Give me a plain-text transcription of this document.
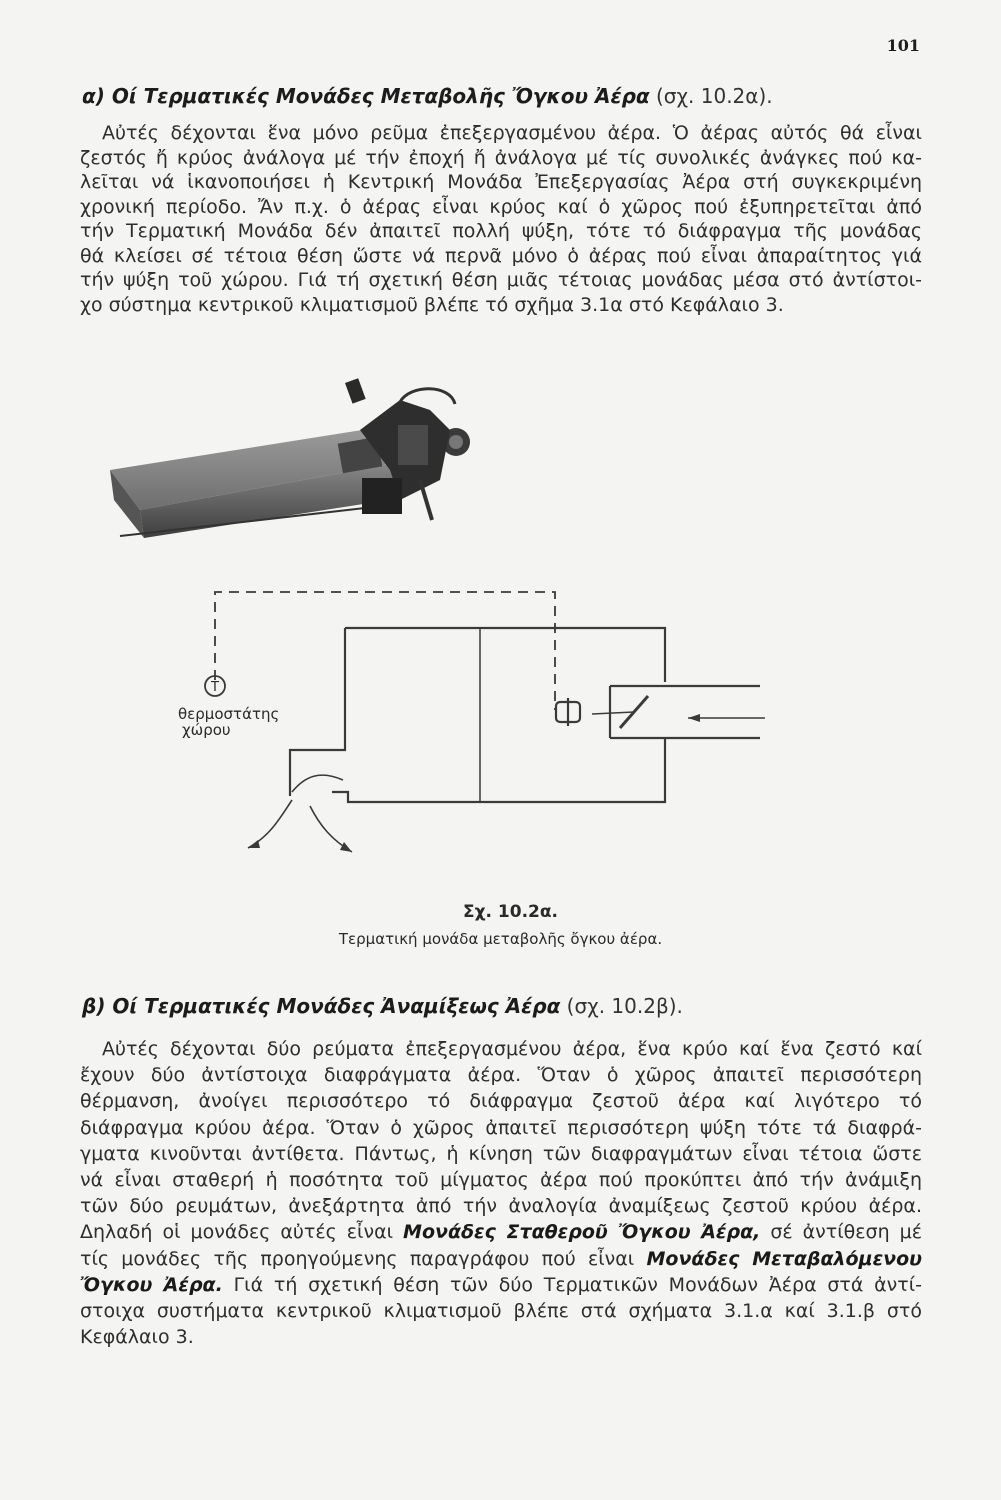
101
α) Οί Τερματικές Μονάδες Μεταβολῆς Ὄγκου Ἀέρα (σχ. 10.2α).
Αὐτές δέχονται ἕνα μόνο ρεῦμα ἐπεξεργασμένου ἀέρα. Ὁ ἀέρας αὐτός θά εἶναι
ζεστός ἤ κρύος ἀνάλογα μέ τήν ἐποχή ἤ ἀνάλογα μέ τίς συνολικές ἀνάγκες πού κα-
λεῖται νά ἱκανοποιήσει ἡ Κεντρική Μονάδα Ἐπεξεργασίας Ἀέρα στή συγκεκριμένη
χρονική περίοδο. Ἄν π.χ. ὁ ἀέρας εἶναι κρύος καί ὁ χῶρος πού ἐξυπηρετεῖται ἀπό
τήν Τερματική Μονάδα δέν ἀπαιτεῖ πολλή ψύξη, τότε τό διάφραγμα τῆς μονάδας
θά κλείσει σέ τέτοια θέση ὥστε νά περνᾶ μόνο ὁ ἀέρας πού εἶναι ἀπαραίτητος γιά
τήν ψύξη τοῦ χώρου. Γιά τή σχετική θέση μιᾶς τέτοιας μονάδας μέσα στό ἀντίστοι-
χο σύστημα κεντρικοῦ κλιματισμοῦ βλέπε τό σχῆμα 3.1α στό Κεφάλαιο 3.
T
θερμοστάτης
χώρου
Σχ. 10.2α.
Τερματική μονάδα μεταβολῆς ὄγκου ἀέρα.
β) Οί Τερματικές Μονάδες Ἀναμίξεως Ἀέρα (σχ. 10.2β).
Αὐτές δέχονται δύο ρεύματα ἐπεξεργασμένου ἀέρα, ἕνα κρύο καί ἕνα ζεστό καί
ἔχουν δύο ἀντίστοιχα διαφράγματα ἀέρα. Ὅταν ὁ χῶρος ἀπαιτεῖ περισσότερη
θέρμανση, ἀνοίγει περισσότερο τό διάφραγμα ζεστοῦ ἀέρα καί λιγότερο τό
διάφραγμα κρύου ἀέρα. Ὅταν ὁ χῶρος ἀπαιτεῖ περισσότερη ψύξη τότε τά διαφρά-
γματα κινοῦνται ἀντίθετα. Πάντως, ἡ κίνηση τῶν διαφραγμάτων εἶναι τέτοια ὥστε
νά εἶναι σταθερή ἡ ποσότητα τοῦ μίγματος ἀέρα πού προκύπτει ἀπό τήν ἀνάμιξη
τῶν δύο ρευμάτων, ἀνεξάρτητα ἀπό τήν ἀναλογία ἀναμίξεως ζεστοῦ κρύου ἀέρα.
Δηλαδή οἱ μονάδες αὐτές εἶναι Μονάδες Σταθεροῦ Ὄγκου Ἀέρα, σέ ἀντίθεση μέ
τίς μονάδες τῆς προηγούμενης παραγράφου πού εἶναι Μονάδες Μεταβαλόμενου
Ὄγκου Ἀέρα. Γιά τή σχετική θέση τῶν δύο Τερματικῶν Μονάδων Ἀέρα στά ἀντί-
στοιχα συστήματα κεντρικοῦ κλιματισμοῦ βλέπε στά σχήματα 3.1.α καί 3.1.β στό
Κεφάλαιο 3.
